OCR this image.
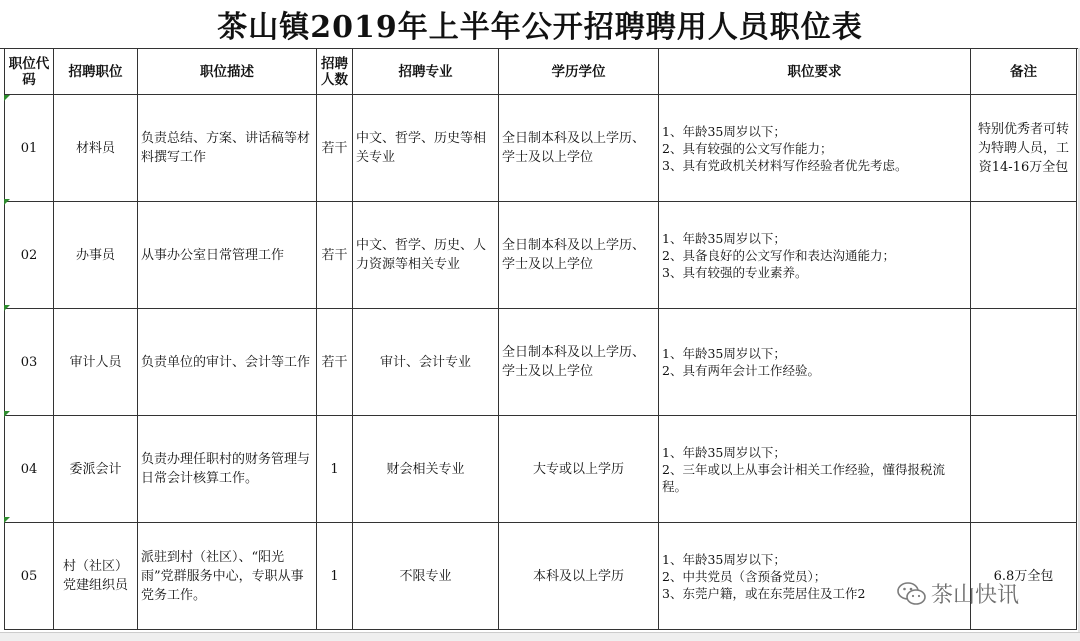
茶山镇2019年上半年公开招聘聘用人员职位表
职位代码	招聘职位	职位描述	招聘人数	招聘专业	学历学位	职位要求	备注
01	材料员	负责总结、方案、讲话稿等材料撰写工作	若干	中文、哲学、历史等相关专业	全日制本科及以上学历、学士及以上学位	1、年龄35周岁以下；
2、具有较强的公文写作能力；
3、具有党政机关材料写作经验者优先考虑。	特别优秀者可转为特聘人员，工资14-16万全包
02	办事员	从事办公室日常管理工作	若干	中文、哲学、历史、人力资源等相关专业	全日制本科及以上学历、学士及以上学位	1、年龄35周岁以下；
2、具备良好的公文写作和表达沟通能力；
3、具有较强的专业素养。	
03	审计人员	负责单位的审计、会计等工作	若干	审计、会计专业	全日制本科及以上学历、学士及以上学位	1、年龄35周岁以下；
2、具有两年会计工作经验。	
04	委派会计	负责办理任职村的财务管理与日常会计核算工作。	1	财会相关专业	大专或以上学历	1、年龄35周岁以下；
2、三年或以上从事会计相关工作经验，懂得报税流程。	
05	村（社区）党建组织员	派驻到村（社区）、“阳光雨”党群服务中心，专职从事党务工作。	1	不限专业	本科及以上学历	1、年龄35周岁以下；
2、中共党员（含预备党员）；
3、东莞户籍，或在东莞居住及工作2	6.8万全包
茶山快讯
